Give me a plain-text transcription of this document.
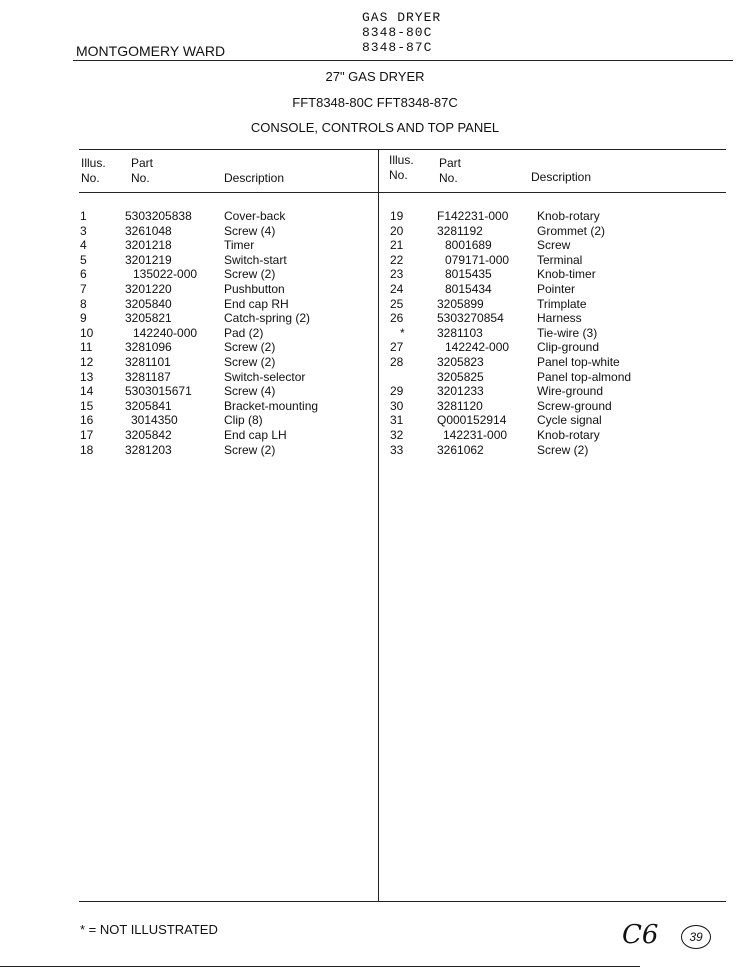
MONTGOMERY WARD
GAS DRYER
8348-80C
8348-87C
27" GAS DRYER
FFT8348-80C FFT8348-87C
CONSOLE, CONTROLS AND TOP PANEL
Illus.
No.
Part
No.	Description
Illus.
No.
Part
No.	Description
1	5303205838	Cover-back
3	3261048	Screw (4)
4	3201218	Timer
5	3201219	Switch-start
6	135022-000 Screw (2)
7	3201220	Pushbutton
8	3205840	End cap RH
9	3205821	Catch-spring (2)
10	142240-000 Pad (2)
11	3281096	Screw (2)
12	3281101	Screw (2)
13	3281187	Switch-selector
14	5303015671	Screw (4)
15	3205841	Bracket-mounting
16	3014350	Clip (8)
17	3205842	End cap LH
18	3281203	Screw (2)
19	F142231-000 Knob-rotary
20	3281192	Grommet (2)
21	8001689	Screw
22	079171-000 Terminal
23	8015435	Knob-timer
24	8015434	Pointer
25	3205899	Trimplate
26	5303270854	Harness
*	3281103	Tie-wire (3)
27	142242-000 Clip-ground
28	3205823	Panel top-white
3205825	Panel top-almond
29	3201233	Wire-ground
30	3281120	Screw-ground
31	Q000152914	Cycle signal
32	142231-000 Knob-rotary
33	3261062	Screw (2)
* = NOT ILLUSTRATED	C6	39
